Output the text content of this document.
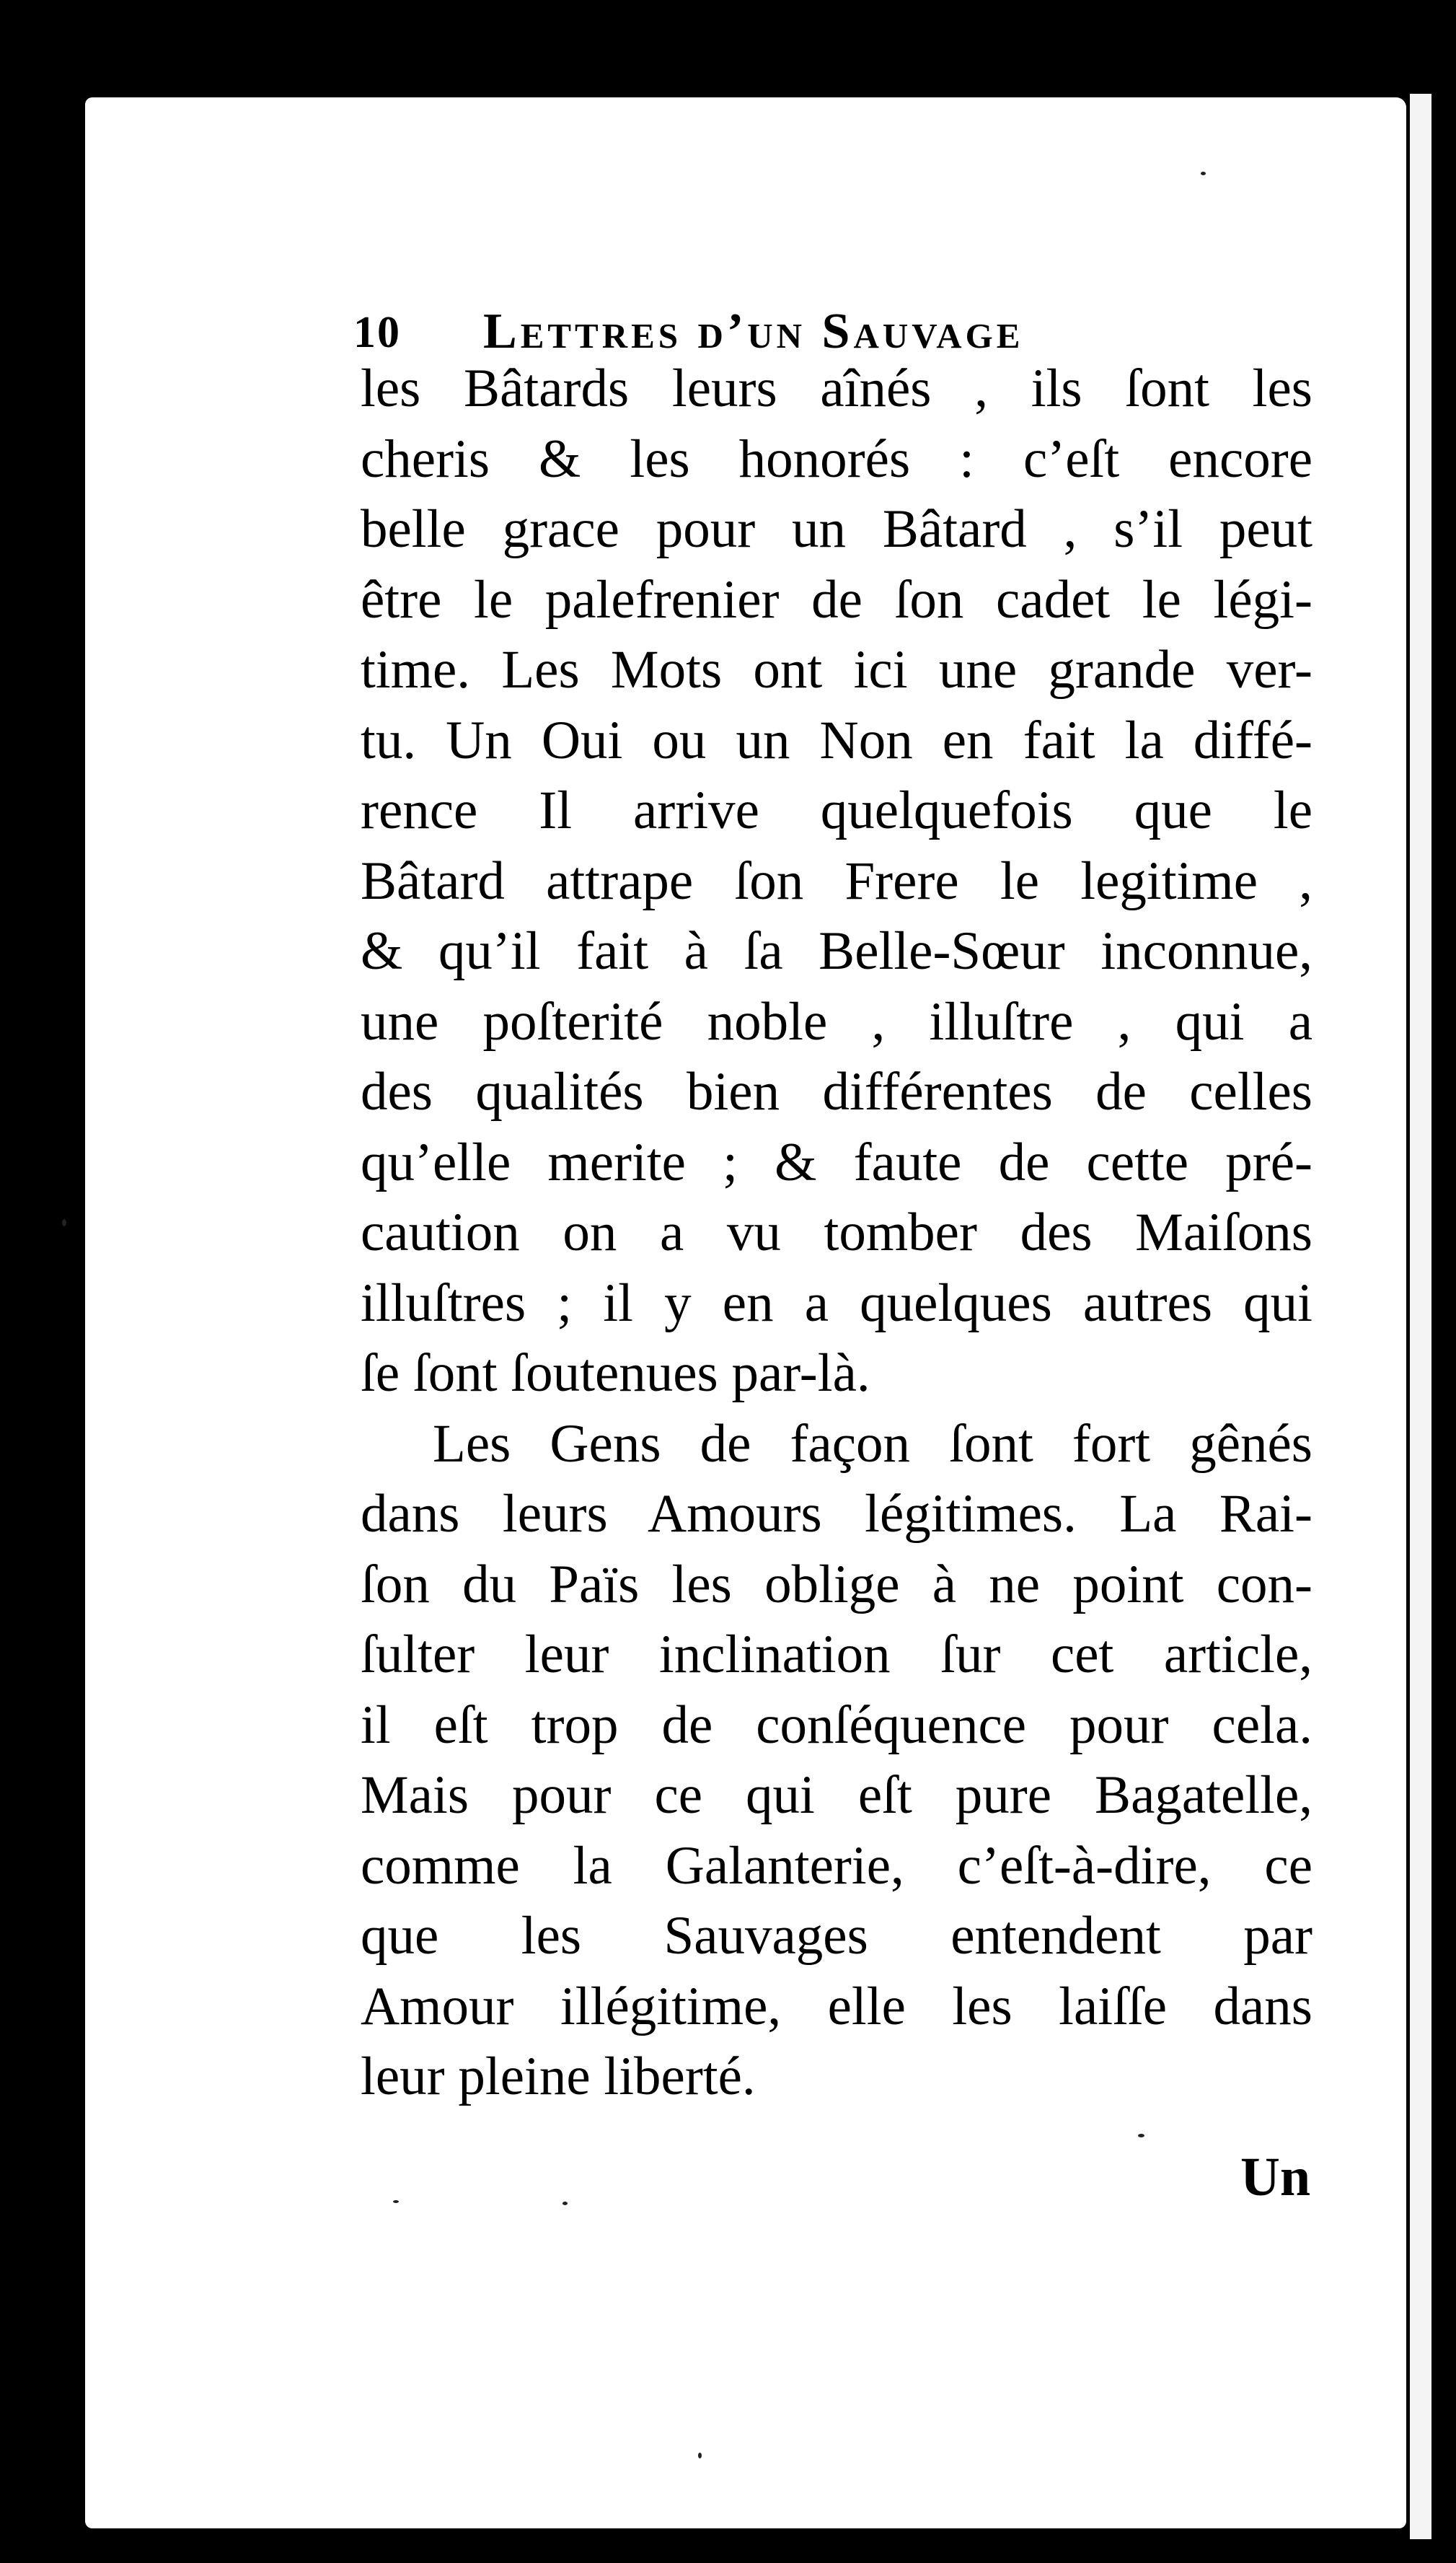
10 Lettres d’un Sauvage
les Bâtards leurs aînés , ils ſont les
cheris & les honorés : c’eſt encore
belle grace pour un Bâtard , s’il peut
être le palefrenier de ſon cadet le légi-
time. Les Mots ont ici une grande ver-
tu. Un Oui ou un Non en fait la diffé-
rence Il arrive quelquefois que le
Bâtard attrape ſon Frere le legitime ,
& qu’il fait à ſa Belle-Sœur inconnue,
une poſterité noble , illuſtre , qui a
des qualités bien différentes de celles
qu’elle merite ; & faute de cette pré-
caution on a vu tomber des Maiſons
illuſtres ; il y en a quelques autres qui
ſe ſont ſoutenues par-là.
Les Gens de façon ſont fort gênés
dans leurs Amours légitimes. La Rai-
ſon du Païs les oblige à ne point con-
ſulter leur inclination ſur cet article,
il eſt trop de conſéquence pour cela.
Mais pour ce qui eſt pure Bagatelle,
comme la Galanterie, c’eſt-à-dire, ce
que les Sauvages entendent par
Amour illégitime, elle les laiſſe dans
leur pleine liberté.
Un
